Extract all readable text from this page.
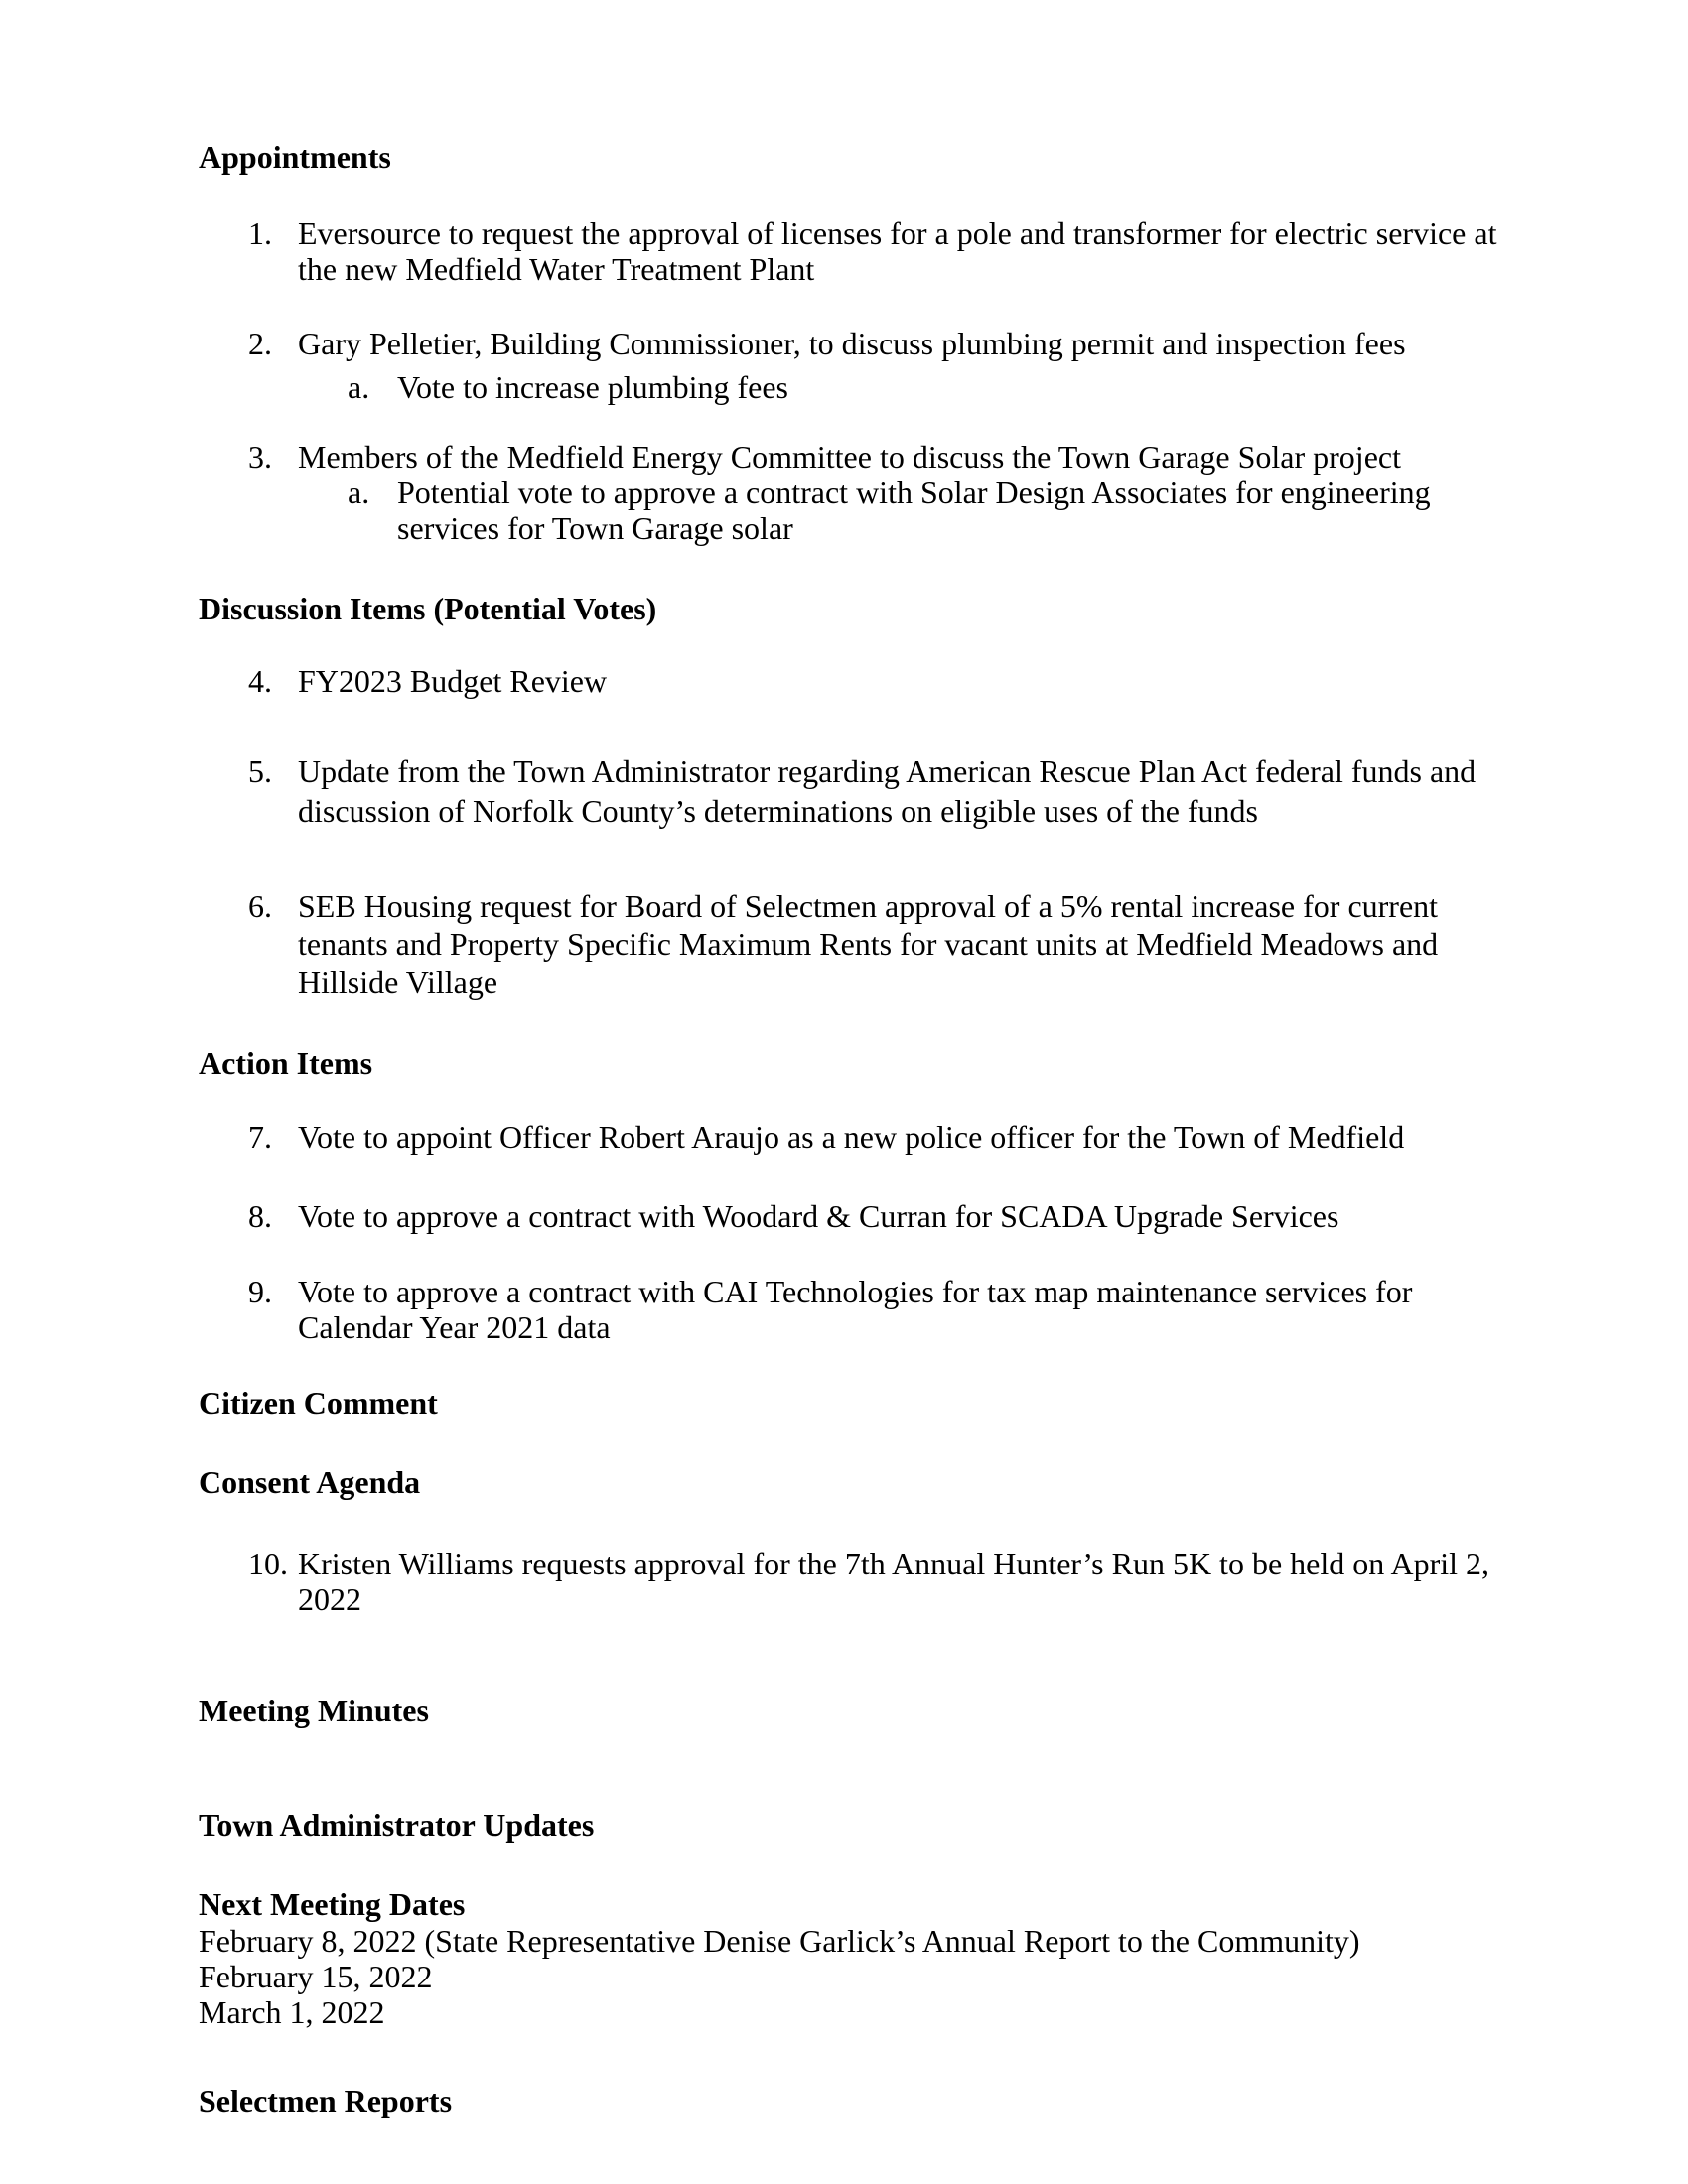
Appointments
1. Eversource to request the approval of licenses for a pole and transformer for electric service at the new Medfield Water Treatment Plant
2. Gary Pelletier, Building Commissioner, to discuss plumbing permit and inspection fees
a. Vote to increase plumbing fees
3. Members of the Medfield Energy Committee to discuss the Town Garage Solar project
a. Potential vote to approve a contract with Solar Design Associates for engineering services for Town Garage solar
Discussion Items (Potential Votes)
4. FY2023 Budget Review
5. Update from the Town Administrator regarding American Rescue Plan Act federal funds and discussion of Norfolk County’s determinations on eligible uses of the funds
6. SEB Housing request for Board of Selectmen approval of a 5% rental increase for current tenants and Property Specific Maximum Rents for vacant units at Medfield Meadows and Hillside Village
Action Items
7. Vote to appoint Officer Robert Araujo as a new police officer for the Town of Medfield
8. Vote to approve a contract with Woodard & Curran for SCADA Upgrade Services
9. Vote to approve a contract with CAI Technologies for tax map maintenance services for Calendar Year 2021 data
Citizen Comment
Consent Agenda
10. Kristen Williams requests approval for the 7th Annual Hunter’s Run 5K to be held on April 2, 2022
Meeting Minutes
Town Administrator Updates
Next Meeting Dates
February 8, 2022 (State Representative Denise Garlick’s Annual Report to the Community)
February 15, 2022
March 1, 2022
Selectmen Reports
